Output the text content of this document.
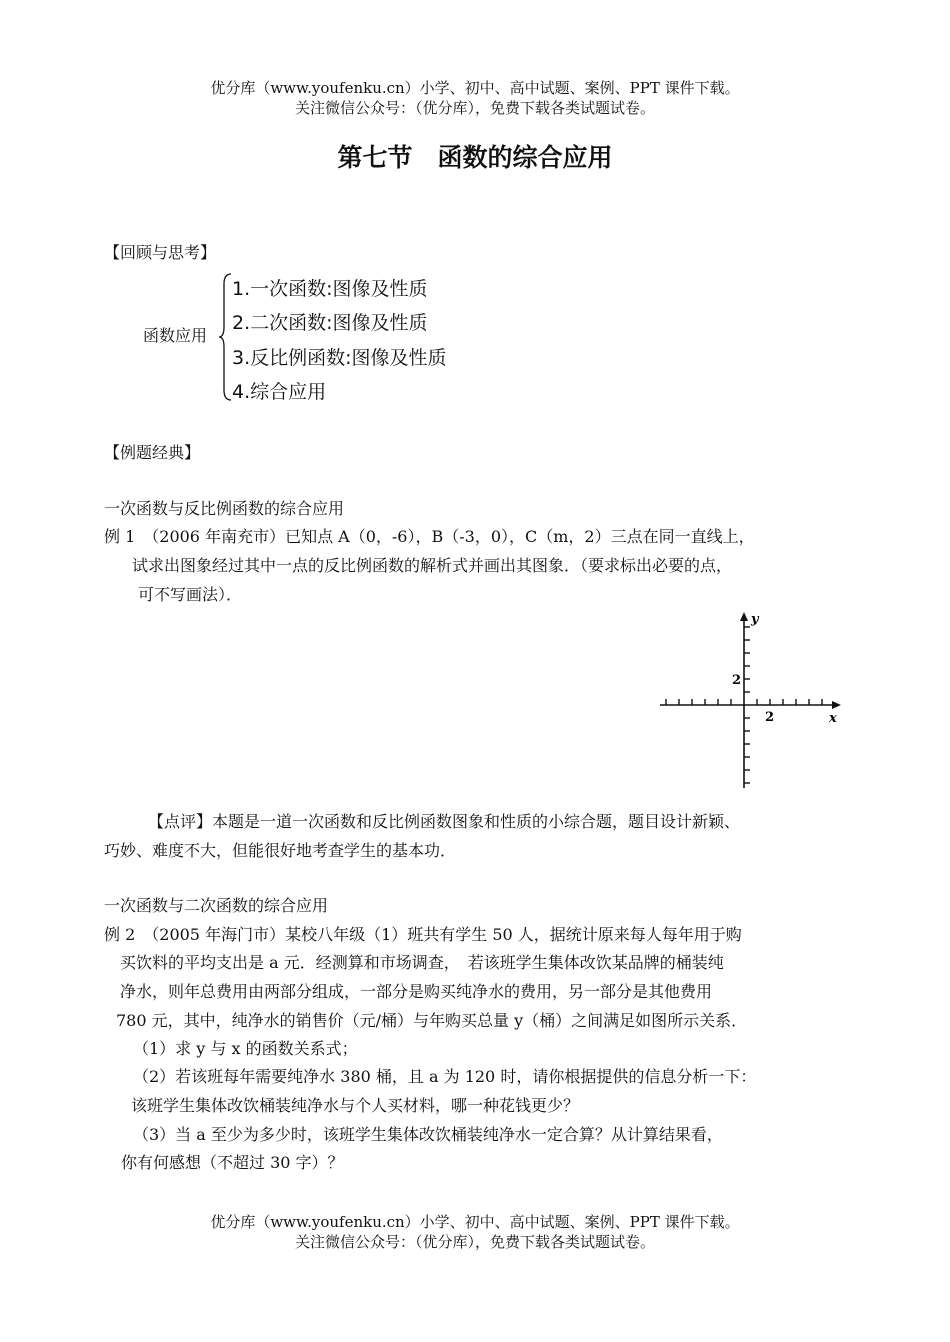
优分库（www.youfenku.cn）小学、初中、高中试题、案例、PPT 课件下载。
关注微信公众号：（优分库），免费下载各类试题试卷。
第七节　函数的综合应用
【回顾与思考】
函数应用
1.一次函数:图像及性质
2.二次函数:图像及性质
3.反比例函数:图像及性质
4.综合应用
【例题经典】
一次函数与反比例函数的综合应用
例 1　（2006 年南充市）已知点 A（0，-6），B（-3，0），C（m，2）三点在同一直线上，
试求出图象经过其中一点的反比例函数的解析式并画出其图象．（要求标出必要的点，
可不写画法）．
y
x
2
2
【点评】本题是一道一次函数和反比例函数图象和性质的小综合题，题目设计新颖、
巧妙、难度不大，但能很好地考查学生的基本功．
一次函数与二次函数的综合应用
例 2　（2005 年海门市）某校八年级（1）班共有学生 50 人，据统计原来每人每年用于购
买饮料的平均支出是 a 元．经测算和市场调查，　若该班学生集体改饮某品牌的桶装纯
净水，则年总费用由两部分组成，一部分是购买纯净水的费用，另一部分是其他费用
780 元，其中，纯净水的销售价（元/桶）与年购买总量 y（桶）之间满足如图所示关系．
（1）求 y 与 x 的函数关系式；
（2）若该班每年需要纯净水 380 桶，且 a 为 120 时，请你根据提供的信息分析一下：
该班学生集体改饮桶装纯净水与个人买材料，哪一种花钱更少？
（3）当 a 至少为多少时，该班学生集体改饮桶装纯净水一定合算？从计算结果看，
你有何感想（不超过 30 字）？
优分库（www.youfenku.cn）小学、初中、高中试题、案例、PPT 课件下载。
关注微信公众号：（优分库），免费下载各类试题试卷。
